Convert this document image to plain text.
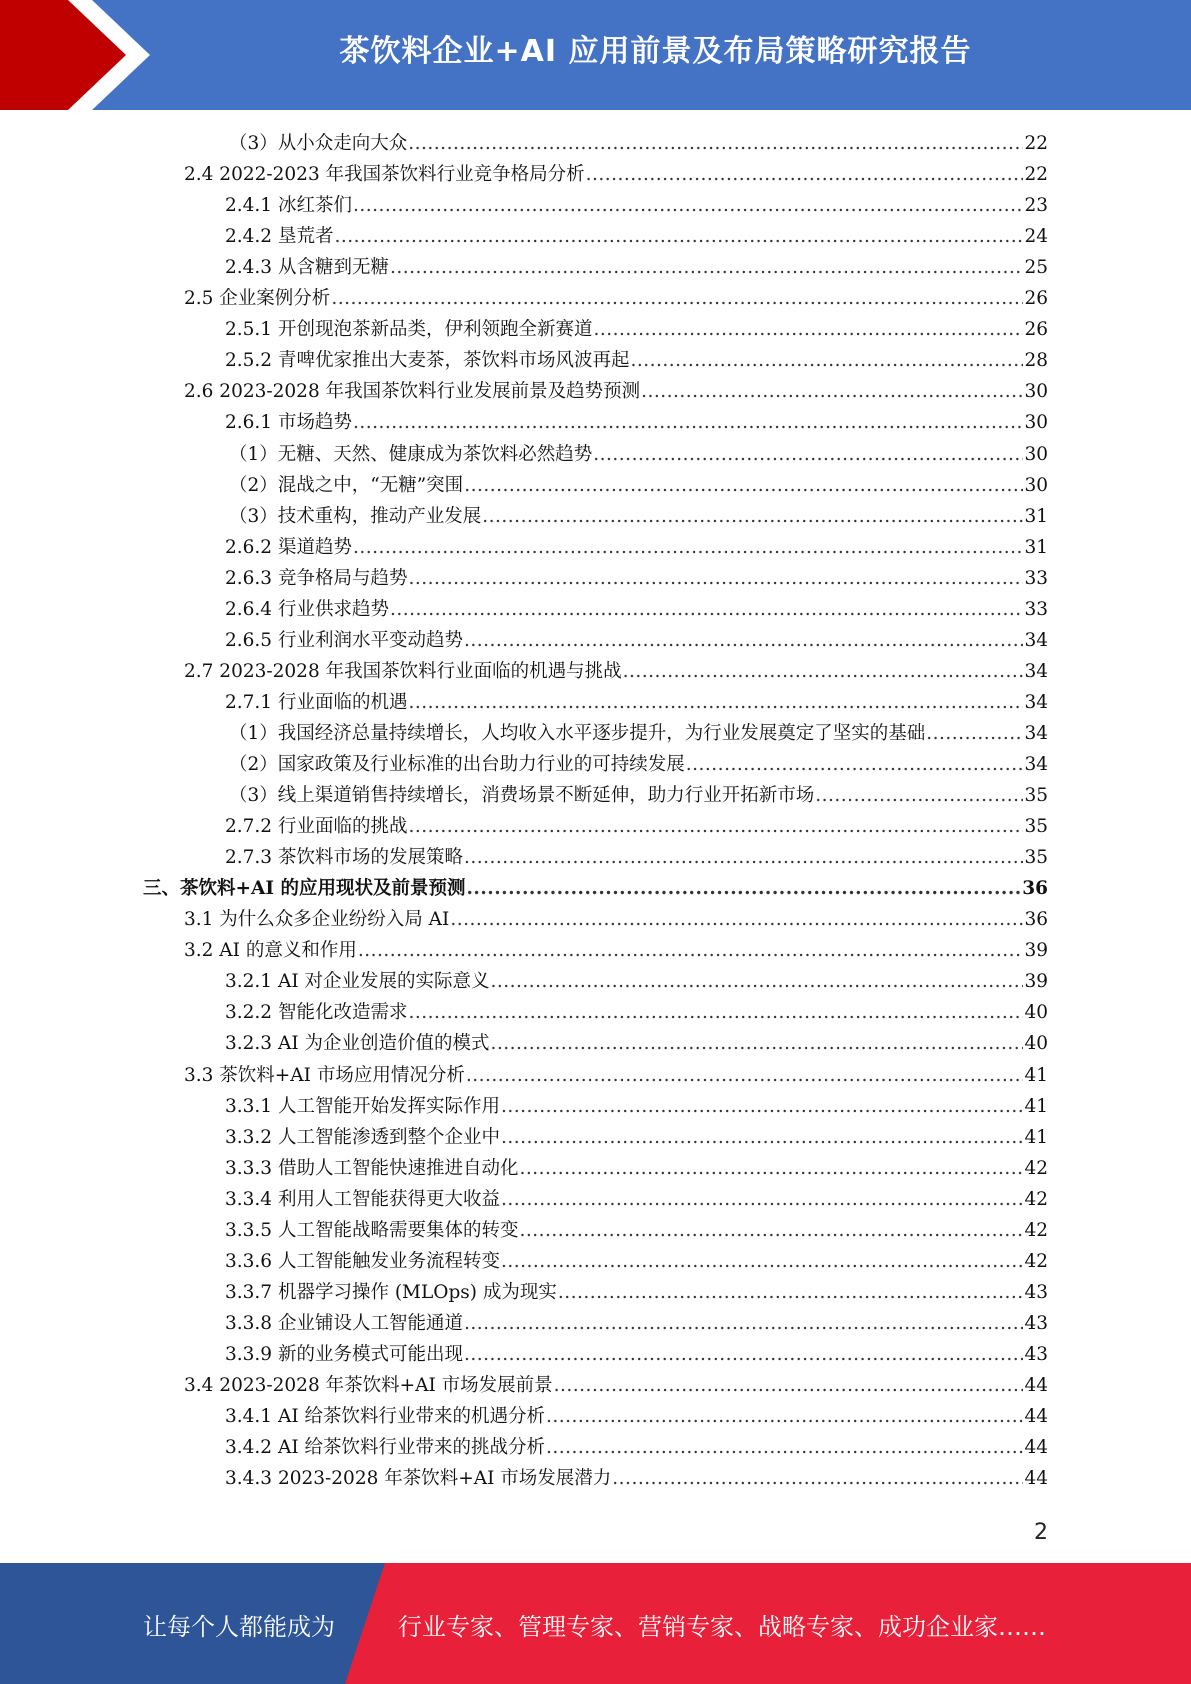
茶饮料企业+AI 应用前景及布局策略研究报告
（3）从小众走向大众 .....	22
2.4 2022-2023 年我国茶饮料行业竞争格局分析 .....	22
2.4.1 冰红茶们 .....	23
2.4.2 垦荒者 .....	24
2.4.3 从含糖到无糖 .....	25
2.5 企业案例分析 .....	26
2.5.1 开创现泡茶新品类，伊利领跑全新赛道 .....	26
2.5.2 青啤优家推出大麦茶，茶饮料市场风波再起 .....	28
2.6 2023-2028 年我国茶饮料行业发展前景及趋势预测 .....	30
2.6.1 市场趋势 .....	30
（1）无糖、天然、健康成为茶饮料必然趋势 .....	30
（2）混战之中，“无糖”突围 .....	30
（3）技术重构，推动产业发展 .....	31
2.6.2 渠道趋势 .....	31
2.6.3 竞争格局与趋势 .....	33
2.6.4 行业供求趋势 .....	33
2.6.5 行业利润水平变动趋势 .....	34
2.7 2023-2028 年我国茶饮料行业面临的机遇与挑战 .....	34
2.7.1 行业面临的机遇 .....	34
（1）我国经济总量持续增长，人均收入水平逐步提升，为行业发展奠定了坚实的基础 .....	34
（2）国家政策及行业标准的出台助力行业的可持续发展 .....	34
（3）线上渠道销售持续增长，消费场景不断延伸，助力行业开拓新市场 .....	35
2.7.2 行业面临的挑战 .....	35
2.7.3 茶饮料市场的发展策略 .....	35
三、茶饮料+AI 的应用现状及前景预测 .....	36
3.1 为什么众多企业纷纷入局 AI .....	36
3.2 AI 的意义和作用 .....	39
3.2.1 AI 对企业发展的实际意义 .....	39
3.2.2 智能化改造需求 .....	40
3.2.3 AI 为企业创造价值的模式 .....	40
3.3 茶饮料+AI 市场应用情况分析 .....	41
3.3.1 人工智能开始发挥实际作用 .....	41
3.3.2 人工智能渗透到整个企业中 .....	41
3.3.3 借助人工智能快速推进自动化 .....	42
3.3.4 利用人工智能获得更大收益 .....	42
3.3.5 人工智能战略需要集体的转变 .....	42
3.3.6 人工智能触发业务流程转变 .....	42
3.3.7 机器学习操作 (MLOps) 成为现实 .....	43
3.3.8 企业铺设人工智能通道 .....	43
3.3.9 新的业务模式可能出现 .....	43
3.4 2023-2028 年茶饮料+AI 市场发展前景 .....	44
3.4.1 AI 给茶饮料行业带来的机遇分析 .....	44
3.4.2 AI 给茶饮料行业带来的挑战分析 .....	44
3.4.3 2023-2028 年茶饮料+AI 市场发展潜力 .....	44
2
让每个人都能成为	行业专家、管理专家、营销专家、战略专家、成功企业家……
